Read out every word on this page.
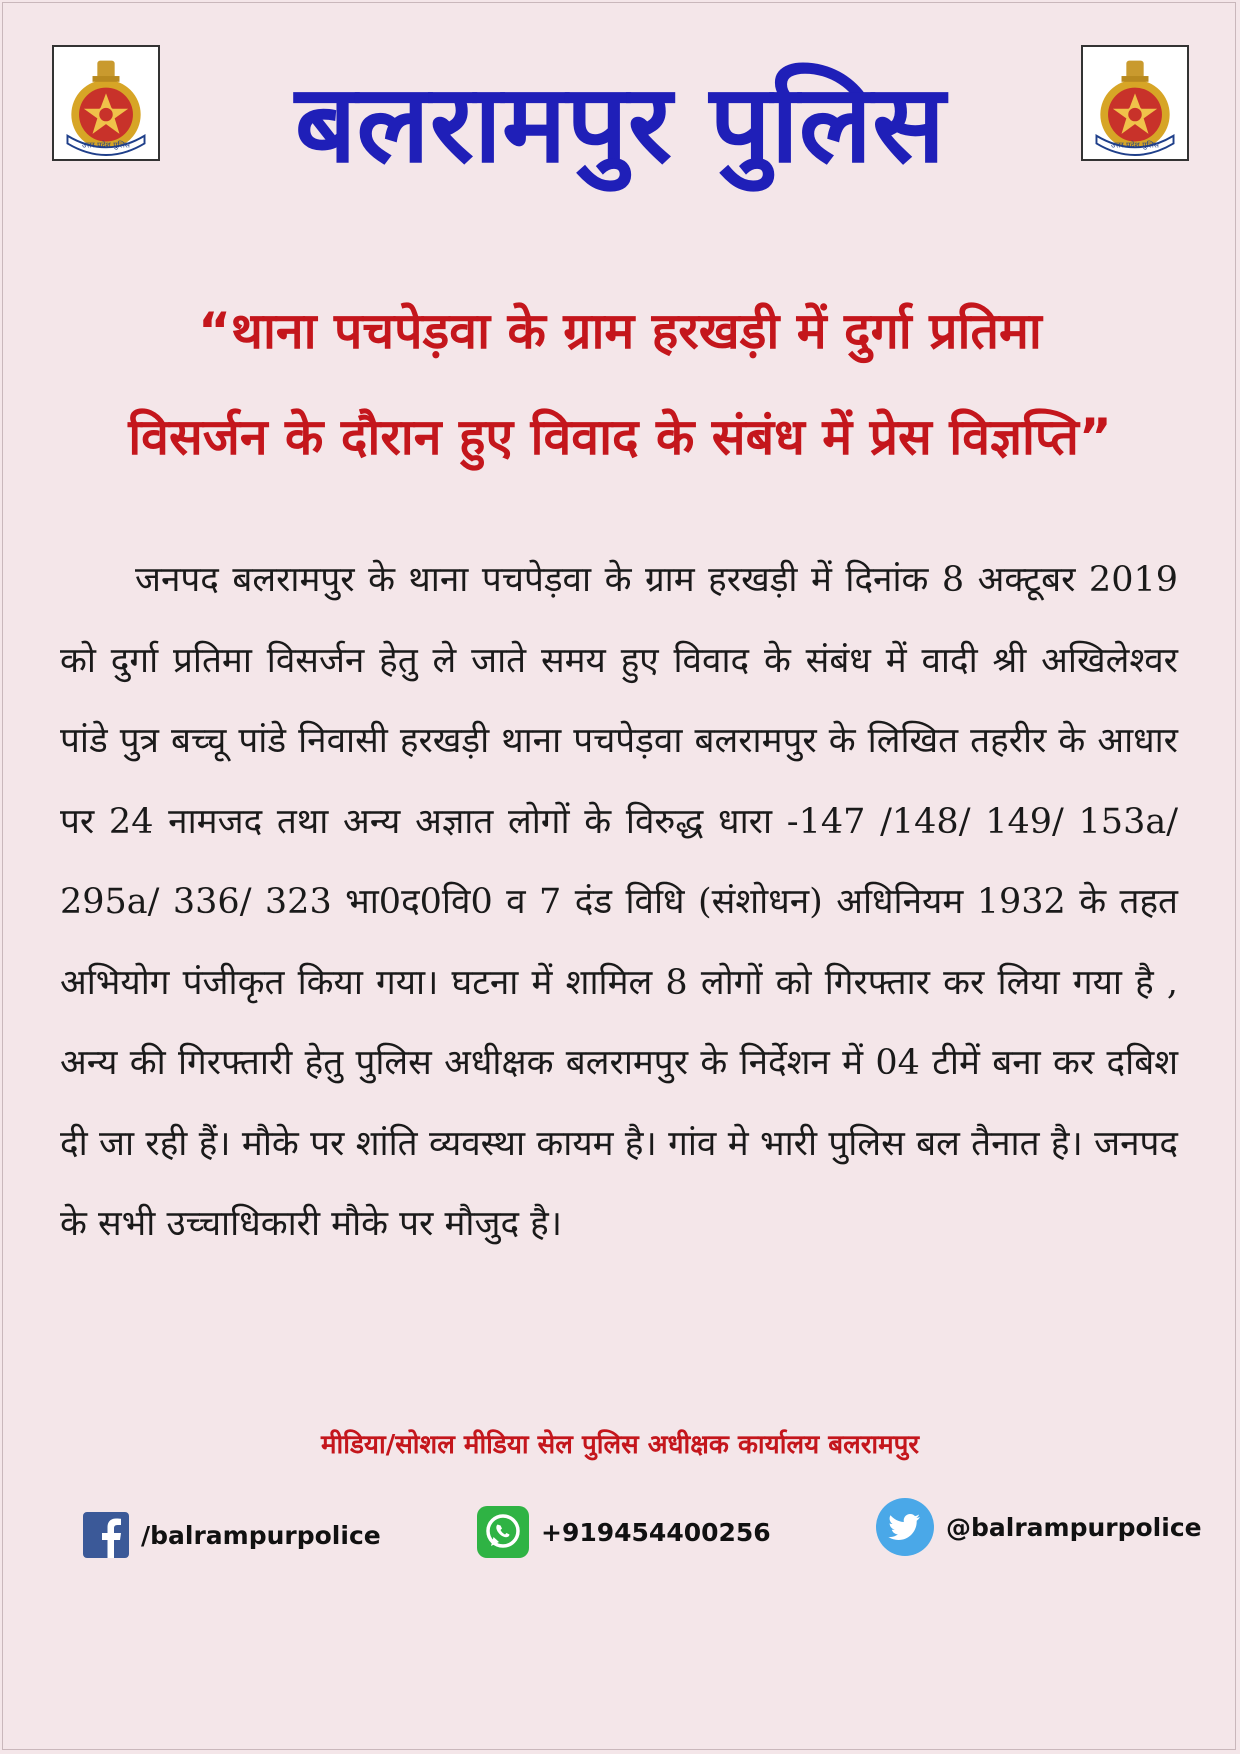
उत्तर प्रदेश पुलिस	उत्तर प्रदेश पुलिस
बलरामपुर पुलिस
“थाना पचपेड़वा के ग्राम हरखड़ी में दुर्गा प्रतिमा
विसर्जन के दौरान हुए विवाद के संबंध में प्रेस विज्ञप्ति”
जनपद बलरामपुर के थाना पचपेड़वा के ग्राम हरखड़ी में दिनांक 8 अक्टूबर 2019 को दुर्गा प्रतिमा विसर्जन हेतु ले जाते समय हुए विवाद के संबंध में वादी श्री अखिलेश्वर पांडे पुत्र बच्चू पांडे निवासी हरखड़ी थाना पचपेड़वा बलरामपुर के लिखित तहरीर के आधार पर 24 नामजद तथा अन्य अज्ञात लोगों के विरुद्ध धारा -147 /148/ 149/ 153a/ 295a/ 336/ 323 भा0द0वि0 व 7 दंड विधि (संशोधन) अधिनियम 1932 के तहत अभियोग पंजीकृत किया गया। घटना में शामिल 8 लोगों को गिरफ्तार कर लिया गया है , अन्य की गिरफ्तारी हेतु पुलिस अधीक्षक बलरामपुर के निर्देशन में 04 टीमें बना कर दबिश दी जा रही हैं। मौके पर शांति व्यवस्था कायम है। गांव मे भारी पुलिस बल तैनात है। जनपद के सभी उच्चाधिकारी मौके पर मौजुद है।
मीडिया/सोशल मीडिया सेल पुलिस अधीक्षक कार्यालय बलरामपुर
/balrampurpolice	+919454400256	@balrampurpolice
